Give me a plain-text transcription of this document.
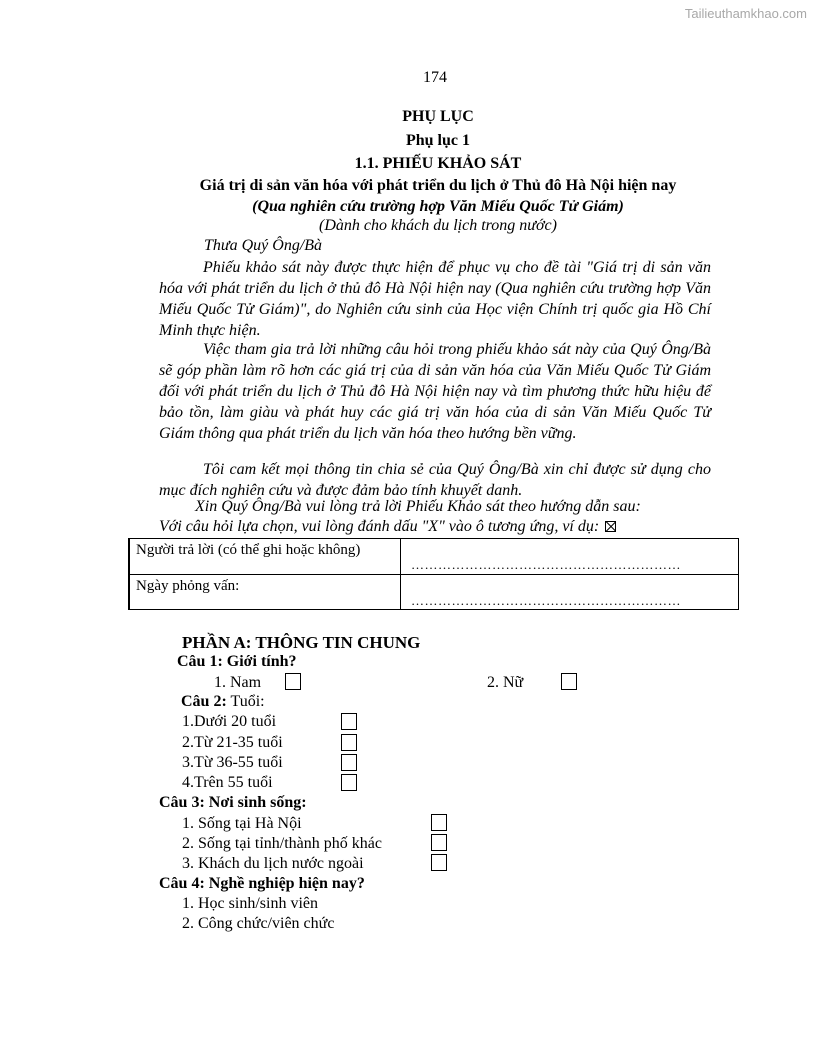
Tailieuthamkhao.com
174
PHỤ LỤC
Phụ lục 1
1.1. PHIẾU KHẢO SÁT
Giá trị di sản văn hóa với phát triển du lịch ở Thủ đô Hà Nội hiện nay
(Qua nghiên cứu trường hợp Văn Miếu Quốc Tử Giám)
(Dành cho khách du lịch trong nước)
Thưa Quý Ông/Bà

Phiếu khảo sát này được thực hiện để phục vụ cho đề tài "Giá trị di sản văn hóa với phát triển du lịch ở thủ đô Hà Nội hiện nay (Qua nghiên cứu trường hợp Văn Miếu Quốc Tử Giám)", do Nghiên cứu sinh của Học viện Chính trị quốc gia Hồ Chí Minh thực hiện.

Việc tham gia trả lời những câu hỏi trong phiếu khảo sát này của Quý Ông/Bà sẽ góp phần làm rõ hơn các giá trị của di sản văn hóa của Văn Miếu Quốc Tử Giám đối với phát triển du lịch ở Thủ đô Hà Nội hiện nay và tìm phương thức hữu hiệu để bảo tồn, làm giàu và phát huy các giá trị văn hóa của di sản Văn Miếu Quốc Tử Giám thông qua phát triển du lịch văn hóa theo hướng bền vững.

Tôi cam kết mọi thông tin chia sẻ của Quý Ông/Bà xin chỉ được sử dụng cho mục đích nghiên cứu và được đảm bảo tính khuyết danh.

Xin Quý Ông/Bà vui lòng trả lời Phiếu Khảo sát theo hướng dẫn sau:
Với câu hỏi lựa chọn, vui lòng đánh dấu "X" vào ô tương ứng, ví dụ:
Người trả lời (có thể ghi hoặc không)
……………………………………………………
Ngày phỏng vấn:
……………………………………………………
PHẦN A: THÔNG TIN CHUNG
Câu 1: Giới tính?
1. Nam	2. Nữ
Câu 2: Tuổi:
1.Dưới 20 tuổi
2.Từ 21-35 tuổi
3.Từ 36-55 tuổi
4.Trên 55 tuổi
Câu 3: Nơi sinh sống:
1. Sống tại Hà Nội
2. Sống tại tỉnh/thành phố khác
3. Khách du lịch nước ngoài
Câu 4: Nghề nghiệp hiện nay?
1. Học sinh/sinh viên
2. Công chức/viên chức
